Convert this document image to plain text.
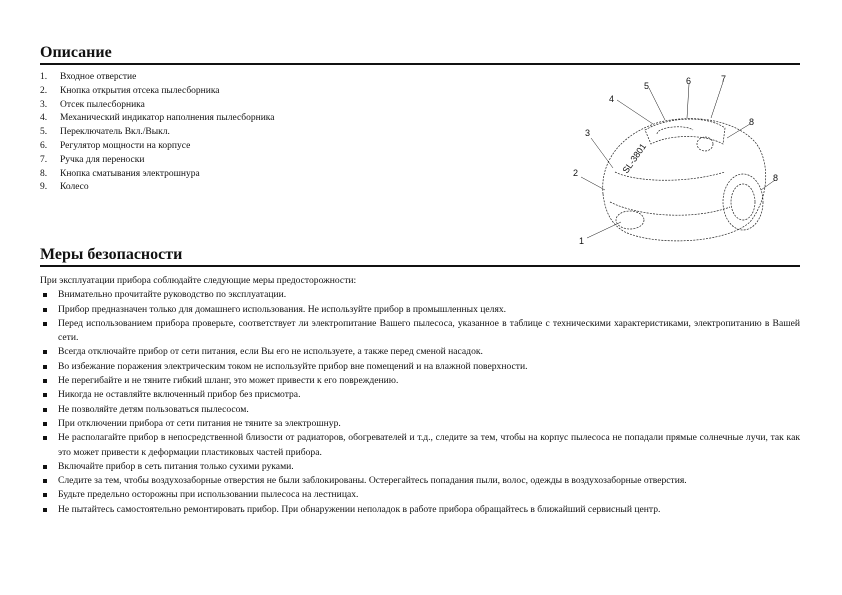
Описание
1. Входное отверстие
2. Кнопка открытия отсека пылесборника
3. Отсек пылесборника
4. Механический индикатор наполнения пылесборника
5. Переключатель Вкл./Выкл.
6. Регулятор мощности на корпусе
7. Ручка для переноски
8. Кнопка сматывания электрошнура
9. Колесо
1
2
3
4
5	6	7
8
8
SL-3801
Меры безопасности

При эксплуатации прибора соблюдайте следующие меры предосторожности:

Внимательно прочитайте руководство по эксплуатации.
Прибор предназначен только для домашнего использования. Не используйте прибор в промышленных целях.
Перед использованием прибора проверьте, соответствует ли электропитание Вашего пылесоса, указанное в таблице с техническими характеристиками, электропитанию в Вашей сети.
Всегда отключайте прибор от сети питания, если Вы его не используете, а также перед сменой насадок.
Во избежание поражения электрическим током не используйте прибор вне помещений и на влажной поверхности.
Не перегибайте и не тяните гибкий шланг, это может привести к его повреждению.
Никогда не оставляйте включенный прибор без присмотра.
Не позволяйте детям пользоваться пылесосом.
При отключении прибора от сети питания не тяните за электрошнур.
Не располагайте прибор в непосредственной близости от радиаторов, обогревателей и т.д., следите за тем, чтобы на корпус пылесоса не попадали прямые солнечные лучи, так как это может привести к деформации пластиковых частей прибора.
Включайте прибор в сеть питания только сухими руками.
Следите за тем, чтобы воздухозаборные отверстия не были заблокированы. Остерегайтесь попадания пыли, волос, одежды в воздухозаборные отверстия.
Будьте предельно осторожны при использовании пылесоса на лестницах.
Не пытайтесь самостоятельно ремонтировать прибор. При обнаружении неполадок в работе прибора обращайтесь в ближайший сервисный центр.
